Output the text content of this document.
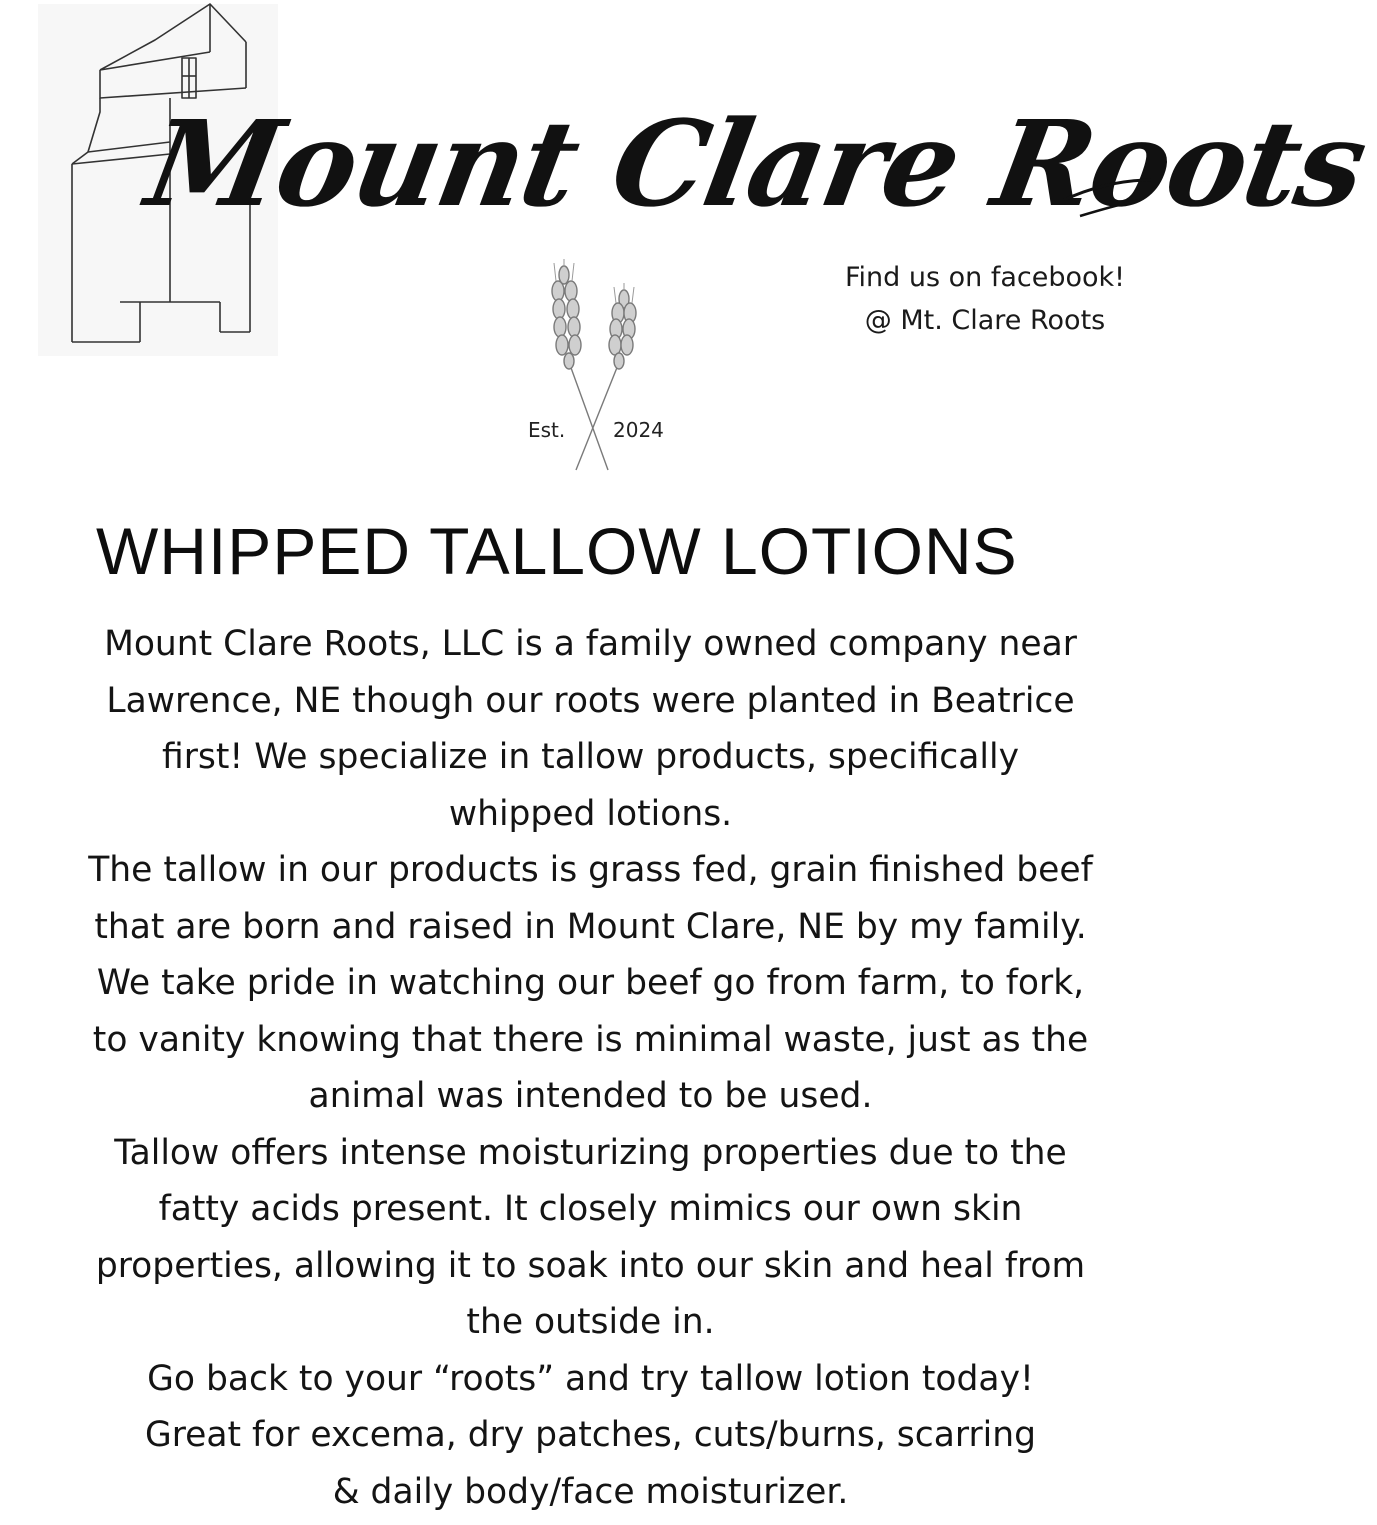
Mount Clare Roots
Find us on facebook!
@ Mt. Clare Roots
Est. 2024
WHIPPED TALLOW LOTIONS
Mount Clare Roots, LLC is a family owned company near
Lawrence, NE though our roots were planted in Beatrice
first! We specialize in tallow products, specifically
whipped lotions.
The tallow in our products is grass fed, grain finished beef
that are born and raised in Mount Clare, NE by my family.
We take pride in watching our beef go from farm, to fork,
to vanity knowing that there is minimal waste, just as the
animal was intended to be used.
Tallow offers intense moisturizing properties due to the
fatty acids present. It closely mimics our own skin
properties, allowing it to soak into our skin and heal from
the outside in.
Go back to your “roots” and try tallow lotion today!
Great for excema, dry patches, cuts/burns, scarring
& daily body/face moisturizer.
